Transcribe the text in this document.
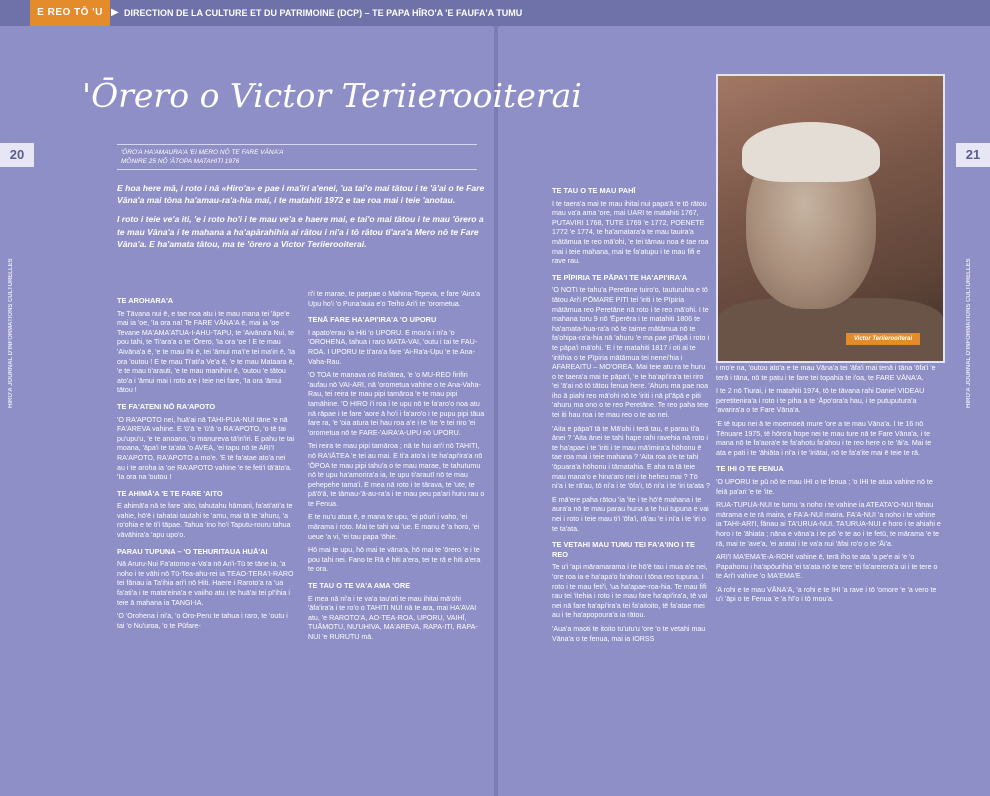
E REO TŌ 'U ▶ DIRECTION DE LA CULTURE ET DU PATRIMOINE (DCP) – TE PAPA HĪRO'A 'E FAUFA'A TUMU
20	21
HIRO'A JOURNAL D'INFORMATIONS CULTURELLES	HIRO'A JOURNAL D'INFORMATIONS CULTURELLES
'Ōrero o Victor Teriierooiterai
'ŌRO'A HA'AMAURA'A 'EI MERO NŌ TE FARE VĀNA'A
MŌNIRE 25 NŌ 'ĀTOPA MATAHITI 1976

E hoa here mā, i roto i nā «Hiro'a» e pae i ma'iri a'enei, 'ua tai'o mai tātou i te 'ā'ai o te Fare Vāna'a mai tōna ha'amau-ra'a-hia mai, i te matahiti 1972 e tae roa mai i teie 'anotau.

I roto i teie ve'a iti, 'e i roto ho'i i te mau ve'a e haere mai, e tai'o mai tātou i te mau 'ōrero a te mau Vāna'a i te mahana a ha'apārahihia ai rātou i ni'a i tō rātou ti'ara'a Mero nō te Fare Vāna'a. E ha'amata tātou, ma te 'ōrero a Victor Teriierooiterai.

TE AROHARA'A

Te Tāvana nui ē, e tae noa atu i te mau mana tei 'āpe'e mai ia 'oe, 'Ia ora na! Te FARE VĀNA'A ē, mai ia 'oe Tevane MA'AMA'ATUA-I-AHU-TAPU, te 'Aivāna'a Nui, te pou tahi, te Ti'ara'a o te 'Ōrero, 'Ia ora 'oe ! E te mau 'Aivāna'a ē, 'e te mau Ihi ē, tei 'āmui ma'i'e tei ma'iri ē, 'Ia ora 'outou ! E te mau Ti'ati'a Ve'a ē, 'e te mau Mataara ē, 'e te mau ti'arauti, 'e te mau manihini ē, 'outou 'e tātou ato'a i 'āmui mai i roto a'e i teie nei fare, 'Ia ora 'āmui tātou !

TE FA'ATENI NŌ RA'APOTO

'O RA'APOTO nei, huā'ai nā TAHI-PUA-NUI tāne 'e nā FA'AREVA vahine. E 'ū'ā 'e 'ū'ā 'o RA'APOTO, 'o tē tai pu'upu'u, 'e te anoano, 'o manureva tā'iri'iri. E pahu te tai moana, 'āpa'i te ta'ata 'o AVEA, 'ei tapu nō te ARI'I RA'APOTO, RA'APOTO a mo'e. 'E tē fa'atae ato'a nei au i te aroha ia 'oe RA'APOTO vahine 'e te feti'i tā'āto'a. 'Ia ora na 'outou !

TE AHIMĀ'A 'E TE FARE 'AITO

E ahimā'a nā te fare 'aito, tahutahu hāmani, fa'ati'ati'a te vahie, hō'ē i tahatai tautahi te 'amu, mai tā te 'ahuru, 'a ro'ohia e te ti'i tāpae. Tahua 'ino ho'i Taputu-rouru tahua vāvāhira'a 'apu upo'o.

PARAU TUPUNA – 'O TEHURITAUA HUĀ'AI

Nā Aruru-Nui Fa'atomo-a-Va'a nō Ari'i-Tū te tāne ia, 'a noho i te vāhi nō Tū-Tea-ahu-rei ia TEAO-TERA'I-RARO tei fānau ia Ta'ihia ari'i nō Hiti. Haere i Raroto'a ra 'ua fa'ati'a i te mata'eina'a e vaiiho atu i te huā'ai tei pī'ihia i teie ā mahana ia TANGI-IA.

'O 'Orohena i ni'a, 'o Oro-Peru te tahua i raro, te 'outu i tai 'o Nu'uroa, 'o te Pūfare-

ri'i te marae, te paepae o Mahina-Tepeva, e fare 'Aira'a Upu ho'i 'o Puna'auia e'o Teiho Ari'i te 'orometua.

TENĀ FARE HA'API'IRA'A 'O UPORU

I apato'erau 'ia Hiti 'o UPORU. E mou'a i ni'a 'o 'OROHENA, tahua i raro MATA-VAI, 'outu i tai te FAU-ROA. I UPORU te ti'ara'a fare 'Ai-Ra'a-Upu 'e te Ana-Vaha-Rau.

'O TOA te manava nō Ra'iātea, 'e 'o MU-REO firifiri 'aufau nō VAI-ARI, nā 'orometua vahine o te Ana-Vaha-Rau, tei reira te mau pipi tamāroa 'e te mau pipi tamāhine. 'O HIRO i'i roa i te upu nō te fa'aro'o noa atu nā rāpae i te fare 'aore ā ho'i i fa'aro'o i te pupu pipi tāua fare ra, 'e 'oia atura tei hau roa a'e i te 'ite 'e tei riro 'ei 'orometua nō te FARE-'AIRA'A-UPU nō UPORU.

Tei reira te mau pipi tamāroa ; nā te hui ari'i nō TAHITI, nō RA'IĀTEA 'e tei au mai. E ti'a ato'a i te ha'api'ira'a nō 'ŌPOA te mau pipi tahu'a o te mau marae, te tahutumu nō te upu ha'amorira'a ia, te upu ti'arautī nō te mau pehepehe tama'i. E mea nā roto i te tārava, te 'ute, te pā'ō'ā, te tāmau-'ā-au-ra'a i te mau peu pa'ari huru rau o te Fenua.

E te nu'u atua ē, e mana te upu, 'ei pōuri i vaho, 'ei mārama i roto. Mai te tahi vai 'ue. E manu ē 'a horo, 'ei ueue 'a vi, 'ei tau papa 'ōhie.

Hō mai te upu, hō mai te vāna'a, hō mai te 'ōrero 'e i te pou tahi nei. Fano te Rā ē hiti a'era, tei te rā e hiti a'era te ora.

TE TAU O TE VA'A AMA 'ORE

E mea nā ni'a i te va'a tau'ati te mau ihitai mā'ohi 'āfa'ira'a i te ro'o o TAHITI NUI nā te ara, mai HA'AVAI atu, 'e RAROTO'A, AO-TEA-ROA, UPORU, VAIHĪ, TUĀMOTU, NU'UHIVA, MA'AREVA, RAPA-ITI, RAPA-NUI 'e RURUTU mā.

TE TAU O TE MAU PAHĪ

I te taera'a mai te mau ihitai nui papa'ā 'e tō rātou mau va'a ama 'ore, mai UARI te matahiti 1767, PUTAVIRI 1768, TUTE 1769 'e 1772, POENETE 1772 'e 1774, te ha'amatara'a te mau tauira'a mātāmua te reo mā'ohi, 'e tei tāmau noa ē tae roa mai i teie mahana, mai te fa'atupu i te mau fifi e rave rau.

TE PĪPIRIA TE PĀPA'I TE HA'API'IRA'A

'O NOTI te tahu'a Peretāne tuiro'o, tauturuhia e tō tātou Ari'i PŌMARE PITI tei 'iriti i te Pīpiria mātāmua reo Peretāne nā roto i te reo mā'ohi. I te mahana toru 9 nō 'Ēperēra i te matahiti 1806 te ha'amata-hua-ra'a nō te taime mātāmua nō te fa'ohipa-ra'a-hia nā 'ahuru 'e ma pae pī'āpā i roto i te pāpa'i mā'ohi. 'E i te matahiti 1817 i oti ai te 'iritihia o te Pīpiria mātāmua tei nenei'hia i AFAREAITU – MO'OREA. Mai teie atu ra te huru o te taera'a mai te pāpa'i, 'e te ha'api'ira'a tei riro 'ei 'ā'ai nō tō tātou fenua here. 'Ahuru ma pae noa iho ā piahi reo mā'ohi nō te 'iriti i nā pī'āpā e piti 'ahuru ma ono o te reo Peretāne. Te reo paha teie tei iti hau roa i te mau reo o te ao nei.

'Aita e pāpa'ī tā te Mā'ohi i terā tau, e parau ti'a ānei ? 'Aita ānei te tahi hape rahi ravehia nā roto i te ha'apae i te 'iriti i te mau mā'imira'a hōhonu ē tae roa mai i teie mahana ? 'Aita roa a'e te tahi 'ōpuara'a hōhonu i tāmatahia. E aha ra tā teie mau mana'o e hina'aro nei i te heheu mai ? Tō ni'a i te rā'au, tō ni'a i te 'ōfa'i, tō ni'a i te 'iri ta'ata ?

E mā'ere paha rātou 'ia 'ite i te hō'ē mahana i te aura'a nō te mau parau huna a te hui tupuna e vai nei i roto i teie mau ti'i 'ōfa'i, rā'au 'e i ni'a i te 'iri o te ta'ata.

TE VETAHI MAU TUMU TEI FA'A'INO I TE REO

Te u'i 'api māramarama i te hō'ē tau i mua a'e nei, 'ore roa ia e ha'apa'o fa'ahou i tōna reo tupuna. I roto i te mau feti'i, 'ua ha'apae-roa-hia. Te mau fifi rau tei 'itehia i roto i te mau fare ha'api'ira'a, tē vai nei nā fare ha'api'ira'a tei fa'aitoito, tē fa'atae mei au i te ha'apopoura'a ia rātou.

'Aua'a maoti te itoito tu'utu'u 'ore 'o te vetahi mau Vāna'a o te fenua, mai ia IORSS

i mo'e na, 'outou ato'a e te mau Vāna'a tei 'āfa'i mai tenā i tāna 'ōfa'i 'e terā i tāna, nō te patu i te fare tei topahia te i'oa, te FARE VĀNA'A.

I te 2 nō Tiurai, i te matahiti 1974, tō te tāvana rahi Daniel VIDEAU peretitenira'a i roto i te piha a te 'Āpo'ora'a hau, i te putuputura'a 'avarira'a o te Fare Vāna'a.

'E tē tupu nei ā te moemoeā mure 'ore a te mau Vāna'a. I te 16 nō Tēnuare 1975, tē hōro'a hope nei te mau ture nā te Fare Vāna'a, i te mana nō te fa'aora'e te fa'ahotu fa'ahou i te reo here o te 'āi'a. Mai te ata e pati i te 'āhiāta i ni'a i te 'iriātai, nō te fa'a'ite mai ē teie te rā.

TE IHI O TE FENUA

'O UPORU te pū nō te mau IHI o te fenua ; 'o IHI te atua vahine nō te feiā pa'ari 'e te 'ite.

RUA-TUPUA-NUI te tumu 'a noho i te vahine ia ATEATA'O-NUI fānau mārama e te rā maira, e FA'A-NUI maira. FA'A-NUI 'a noho i te vahine ia TAHI-ARI'I, fānau ai TA'URUA-NUI. TA'URUA-NUI e horo i te ahiahi e horo i te 'āhiata ; nāna e vāna'a i te pō 'e te ao i te fetū, te mārama 'e te rā, mai te 'ave'a, 'ei aratai i te va'a nui 'āfai ro'o o te 'Āi'a.

ARI'I MA'EMA'E-A-ROHI vahine ē, terā iho te ata 'a pe'e ai 'e 'o Papahonu i ha'apōurihia 'ei ta'ata nō te tere 'ei fa'arerera'a ui i te tere o te Ari'i vahine 'o MA'EMA'E.

'A rohi e te mau VĀNA'A, 'a rohi e te IHI 'a rave i tō 'omore 'e 'a vero te u'i 'āpi o te Fenua 'e 'a hī'o i tō mou'a.

Victor Teriierooiterai
